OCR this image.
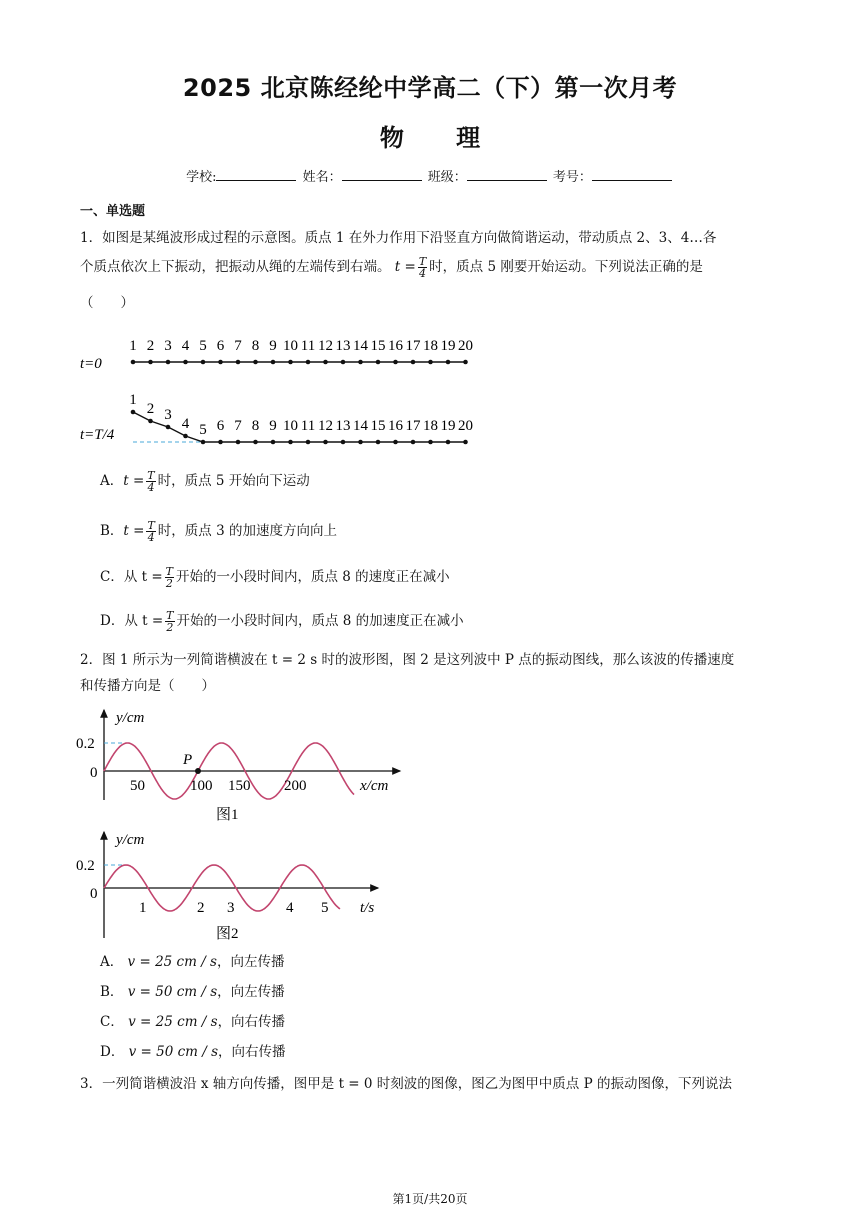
2025 北京陈经纶中学高二（下）第一次月考
物 理
学校:	姓名：	班级：	考号：
一、单选题
1．如图是某绳波形成过程的示意图。质点 1 在外力作用下沿竖直方向做简谐运动，带动质点 2、3、4…各
个质点依次上下振动，把振动从绳的左端传到右端。 $t = \frac{T}{4}$ 时，质点 5 刚要开始运动。下列说法正确的是
（　　）
1 2 3 4 5 6 7 8 9 10 11 12 13 14 15 16 17 18 19 20
1
2 3
4 5 6 7 8 9 10 11 12 13 14 15 16 17 18 19 20
t=0
t=T/4
A．$t = \frac{T}{4}$ 时，质点 5 开始向下运动
B．$t = \frac{T}{4}$ 时，质点 3 的加速度方向向上
C．从 $t = \frac{T}{2}$ 开始的一小段时间内，质点 8 的速度正在减小
D．从 $t = \frac{T}{2}$ 开始的一小段时间内，质点 8 的加速度正在减小
2．图 1 所示为一列简谐横波在 t = 2 s 时的波形图，图 2 是这列波中 P 点的振动图线，那么该波的传播速度
和传播方向是（　　）
y/cm
x/cm
0.2
0
50	100 150 200
P
图1
y/cm
t/s
0.2
0
1	2 3	4 5
图2
A． v = 25 cm / s，向左传播
B． v = 50 cm / s，向左传播
C． v = 25 cm / s，向右传播
D． v = 50 cm / s，向右传播
3．一列简谐横波沿 x 轴方向传播，图甲是 t = 0 时刻波的图像，图乙为图甲中质点 P 的振动图像，下列说法
第1页/共20页
